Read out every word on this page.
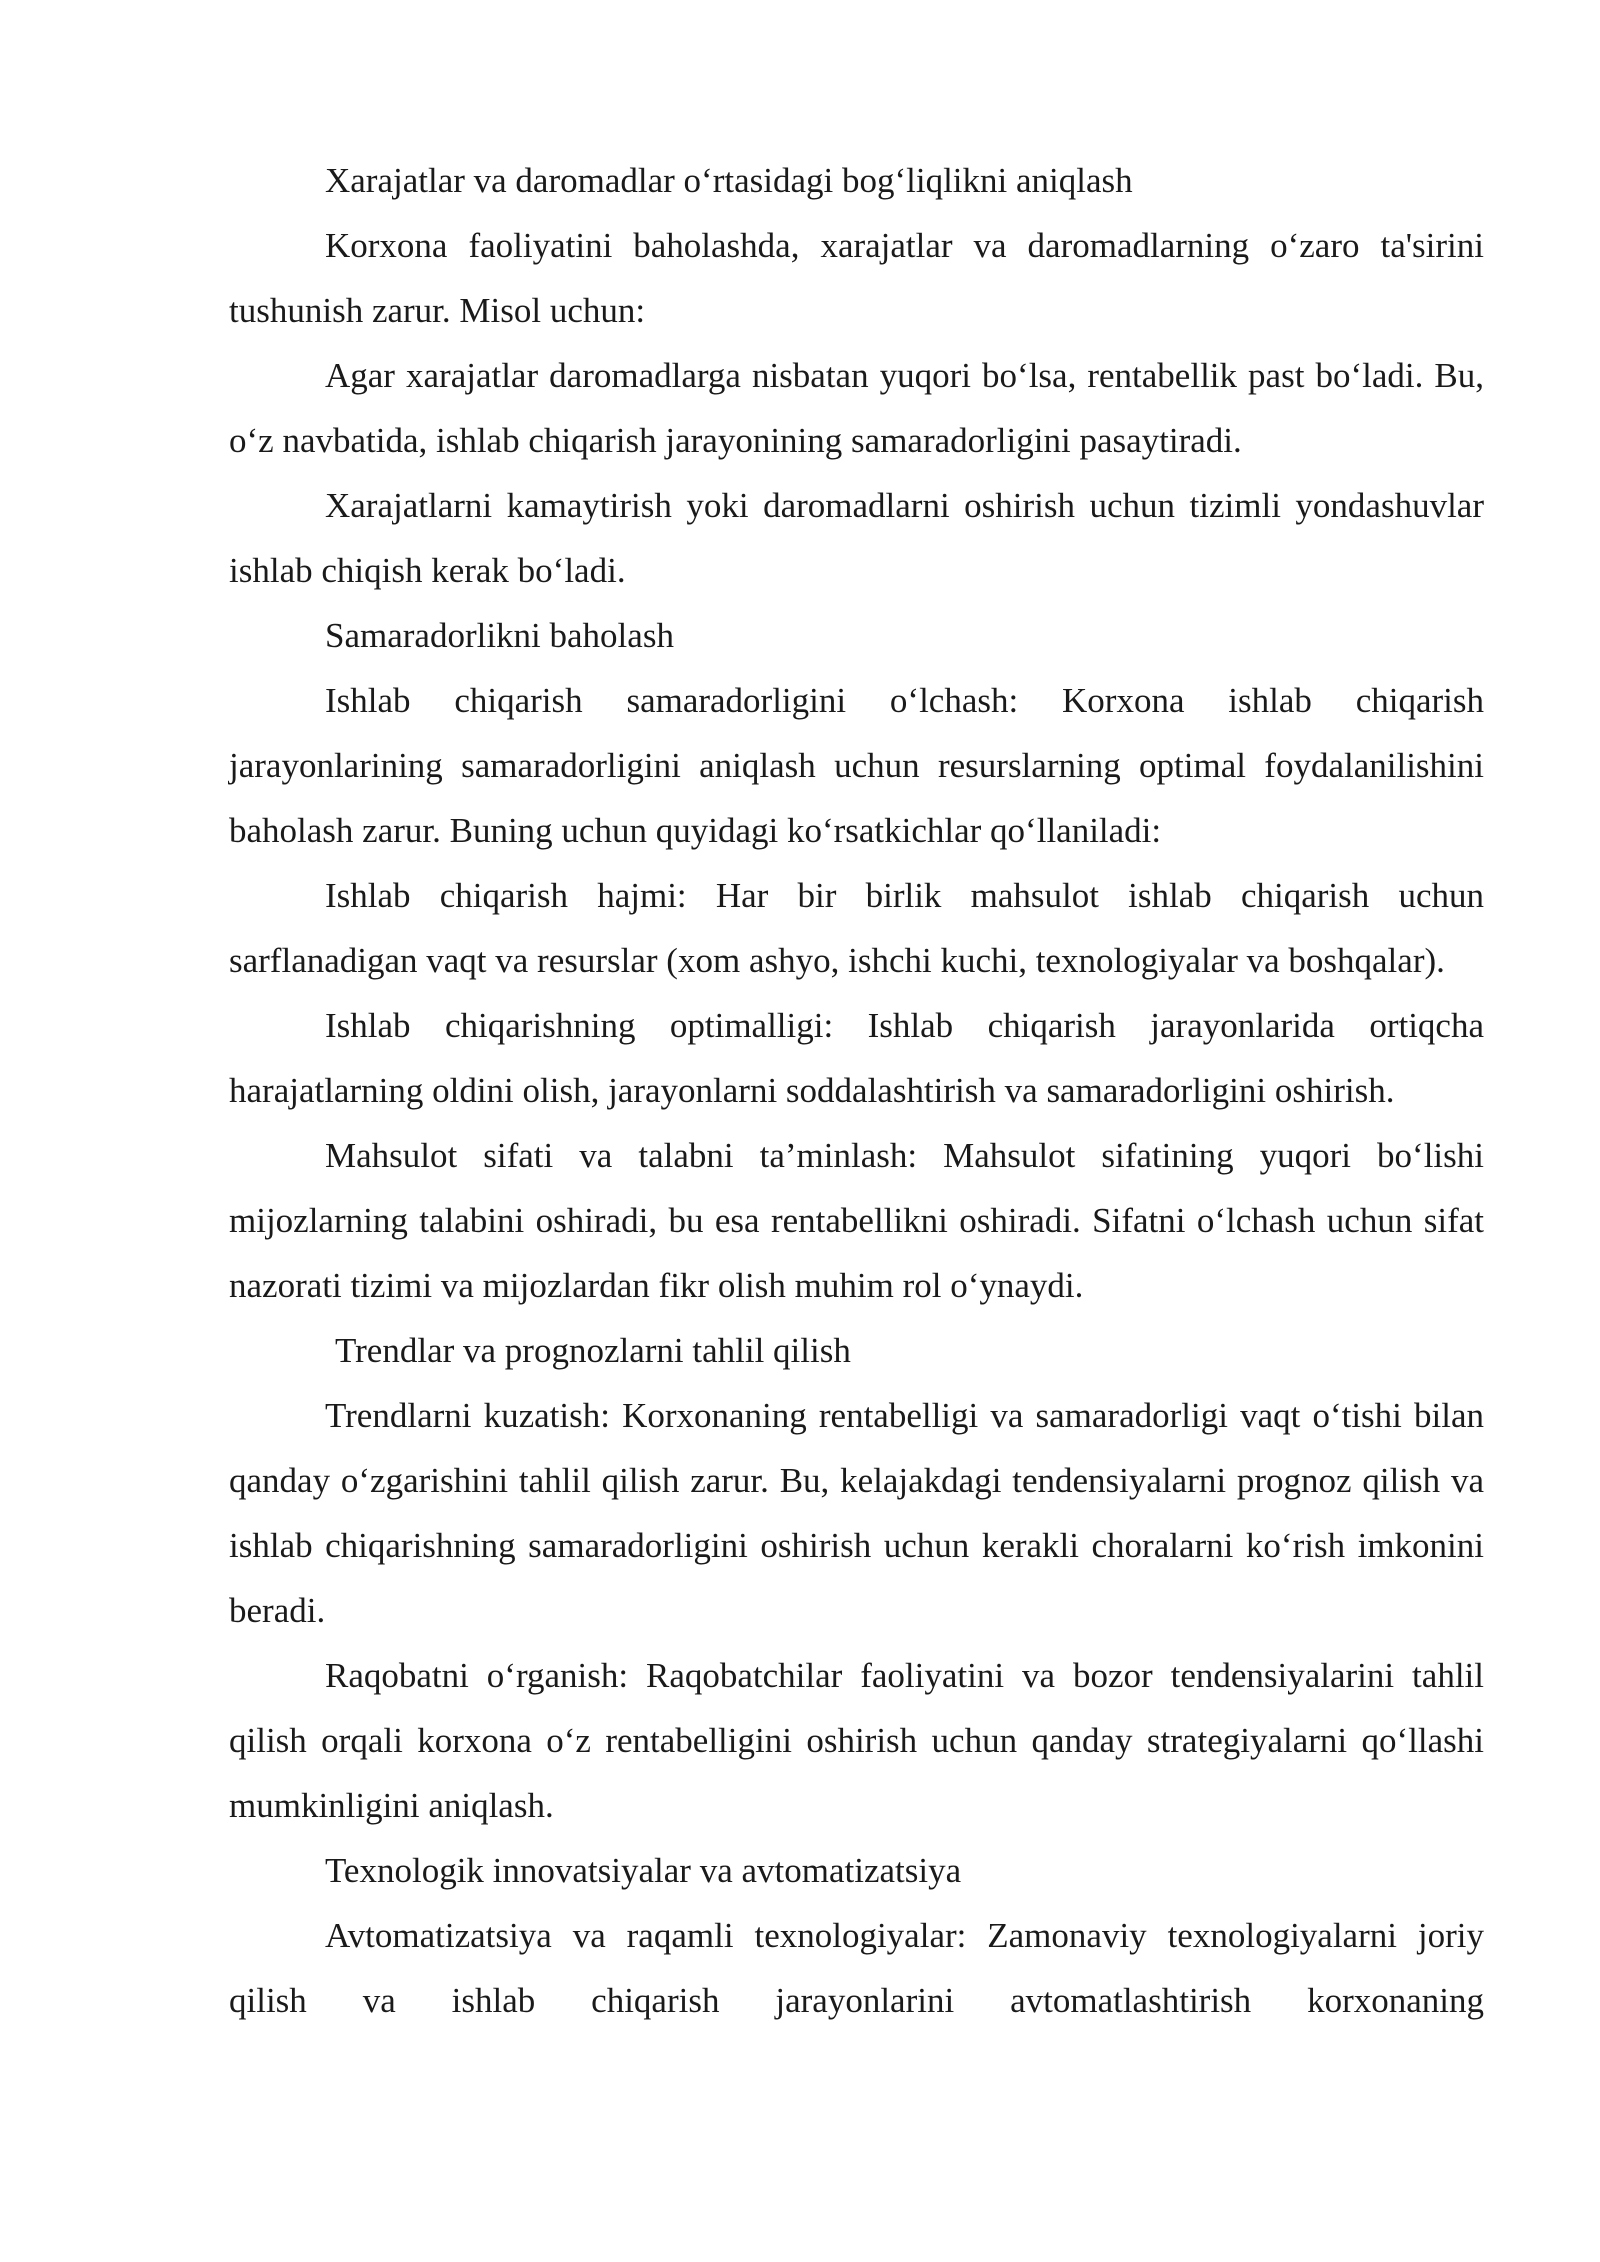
Xarajatlar va daromadlar o‘rtasidagi bog‘liqlikni aniqlash

Korxona faoliyatini baholashda, xarajatlar va daromadlarning o‘zaro ta'sirini tushunish zarur. Misol uchun:

Agar xarajatlar daromadlarga nisbatan yuqori bo‘lsa, rentabellik past bo‘ladi. Bu, o‘z navbatida, ishlab chiqarish jarayonining samaradorligini pasaytiradi.

Xarajatlarni kamaytirish yoki daromadlarni oshirish uchun tizimli yondashuvlar ishlab chiqish kerak bo‘ladi.

Samaradorlikni baholash

Ishlab chiqarish samaradorligini o‘lchash: Korxona ishlab chiqarish jarayonlarining samaradorligini aniqlash uchun resurslarning optimal foydalanilishini baholash zarur. Buning uchun quyidagi ko‘rsatkichlar qo‘llaniladi:

Ishlab chiqarish hajmi: Har bir birlik mahsulot ishlab chiqarish uchun sarflanadigan vaqt va resurslar (xom ashyo, ishchi kuchi, texnologiyalar va boshqalar).

Ishlab chiqarishning optimalligi: Ishlab chiqarish jarayonlarida ortiqcha harajatlarning oldini olish, jarayonlarni soddalashtirish va samaradorligini oshirish.

Mahsulot sifati va talabni ta’minlash: Mahsulot sifatining yuqori bo‘lishi mijozlarning talabini oshiradi, bu esa rentabellikni oshiradi. Sifatni o‘lchash uchun sifat nazorati tizimi va mijozlardan fikr olish muhim rol o‘ynaydi.

Trendlar va prognozlarni tahlil qilish

Trendlarni kuzatish: Korxonaning rentabelligi va samaradorligi vaqt o‘tishi bilan qanday o‘zgarishini tahlil qilish zarur. Bu, kelajakdagi tendensiyalarni prognoz qilish va ishlab chiqarishning samaradorligini oshirish uchun kerakli choralarni ko‘rish imkonini beradi.

Raqobatni o‘rganish: Raqobatchilar faoliyatini va bozor tendensiyalarini tahlil qilish orqali korxona o‘z rentabelligini oshirish uchun qanday strategiyalarni qo‘llashi mumkinligini aniqlash.

Texnologik innovatsiyalar va avtomatizatsiya

Avtomatizatsiya va raqamli texnologiyalar: Zamonaviy texnologiyalarni joriy qilish va ishlab chiqarish jarayonlarini avtomatlashtirish korxonaning
